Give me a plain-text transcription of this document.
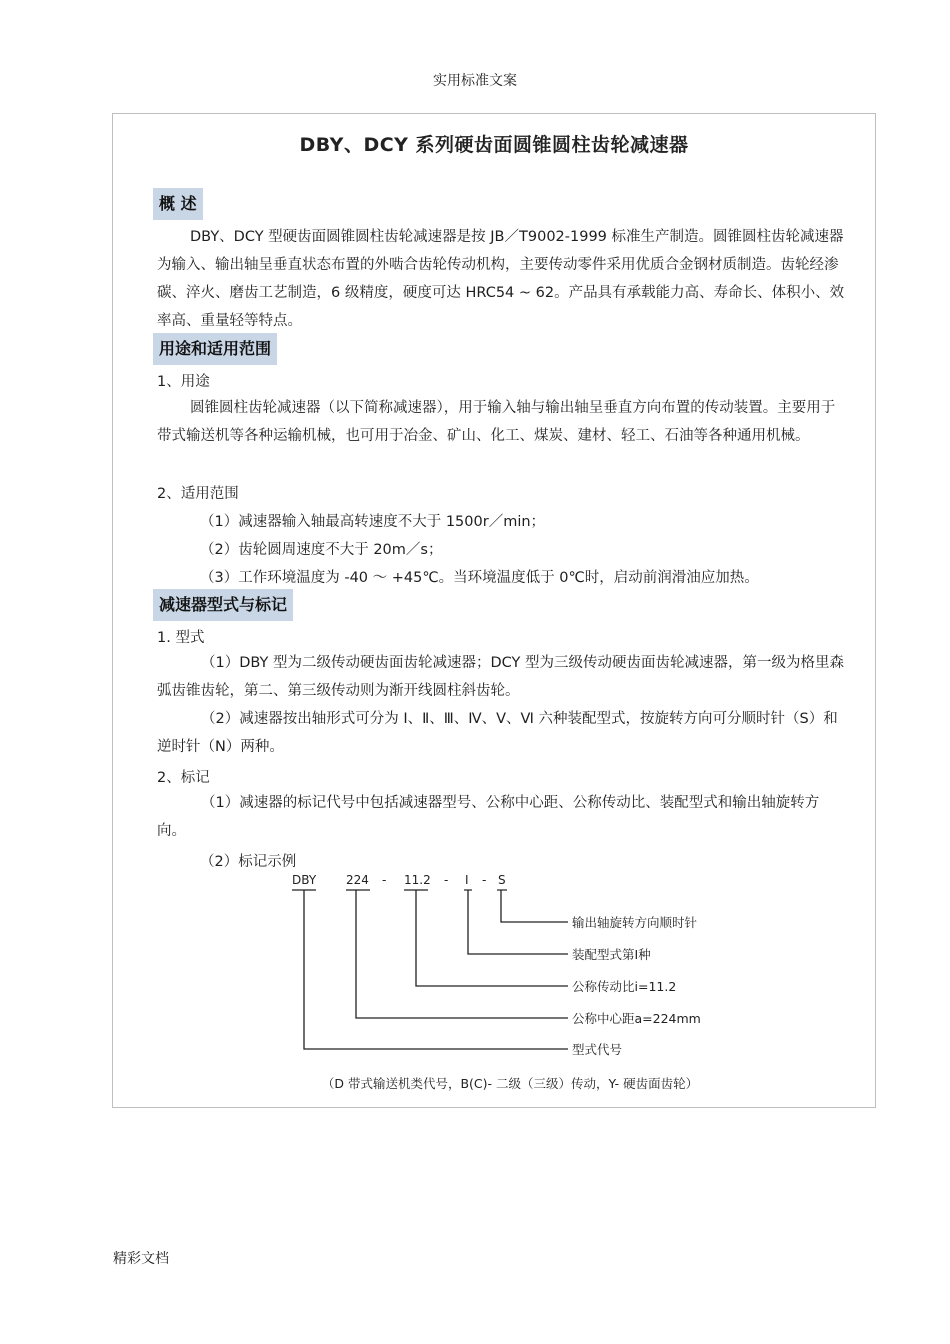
实用标准文案
DBY、DCY 系列硬齿面圆锥圆柱齿轮减速器
概 述
DBY、DCY 型硬齿面圆锥圆柱齿轮减速器是按 JB／T9002-1999 标准生产制造。圆锥圆柱齿轮减速器为输入、输出轴呈垂直状态布置的外啮合齿轮传动机构，主要传动零件采用优质合金钢材质制造。齿轮经渗碳、淬火、磨齿工艺制造，6 级精度，硬度可达 HRC54 ~ 62。产品具有承载能力高、寿命长、体积小、效率高、重量轻等特点。
用途和适用范围
1、用途
圆锥圆柱齿轮减速器（以下简称减速器），用于输入轴与输出轴呈垂直方向布置的传动装置。主要用于带式输送机等各种运输机械，也可用于冶金、矿山、化工、煤炭、建材、轻工、石油等各种通用机械。
2、适用范围
（1）减速器输入轴最高转速度不大于 1500r／min；
（2）齿轮圆周速度不大于 20m／s；
（3）工作环境温度为 -40 ～ +45℃。当环境温度低于 0℃时，启动前润滑油应加热。
减速器型式与标记
1. 型式
（1）DBY 型为二级传动硬齿面齿轮减速器；DCY 型为三级传动硬齿面齿轮减速器，第一级为格里森弧齿锥齿轮，第二、第三级传动则为渐开线圆柱斜齿轮。
（2）减速器按出轴形式可分为 Ⅰ、Ⅱ、Ⅲ、Ⅳ、Ⅴ、Ⅵ 六种装配型式，按旋转方向可分顺时针（S）和逆时针（N）两种。
2、标记
（1）减速器的标记代号中包括减速器型号、公称中心距、公称传动比、装配型式和输出轴旋转方向。
（2）标记示例
DBY 224 - 11.2 - Ⅰ - S
输出轴旋转方向顺时针
装配型式第Ⅰ种
公称传动比i=11.2
公称中心距a=224mm
型式代号
（D 带式输送机类代号，B(C)- 二级（三级）传动，Y- 硬齿面齿轮）
精彩文档
